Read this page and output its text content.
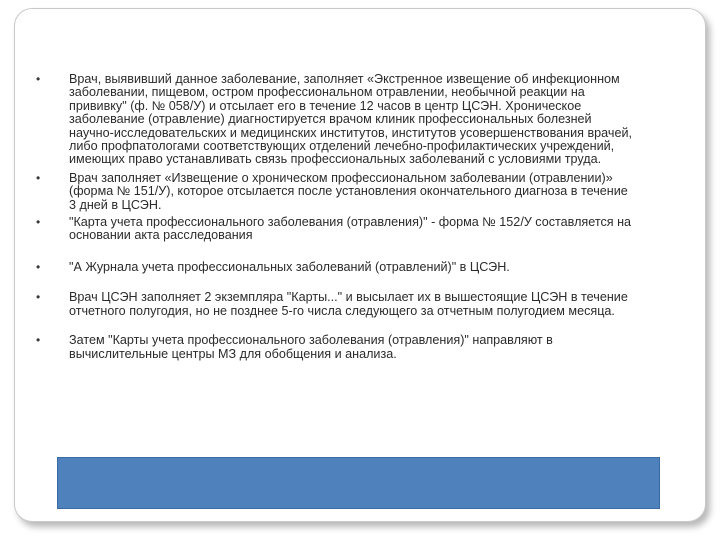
•	Врач, выявивший данное заболевание, заполняет «Экстренное извещение об инфекционном заболевании, пищевом, остром профессиональном отравлении, необычной реакции на прививку" (ф. № 058/У) и отсылает его в течение 12 часов в центр ЦСЭН. Хроническое заболевание (отравление) диагностируется врачом клиник профессиональных болезней научно-исследовательских и медицинских институтов, институтов усовершенствования врачей, либо профпатологами соответствующих отделений лечебно-профилактических учреждений, имеющих право устанавливать связь профессиональных заболеваний с условиями труда.
•	Врач заполняет «Извещение о хроническом профессиональном заболевании (отравлении)» (форма № 151/У), которое отсылается после установления окончательного диагноза в течение 3 дней в ЦСЭН.
•	"Карта учета профессионального заболевания (отравления)" - форма № 152/У составляется на основании акта расследования
•	"А Журнала учета профессиональных заболеваний (отравлений)" в ЦСЭН.
•	Врач ЦСЭН заполняет 2 экземпляра "Карты..." и высылает их в вышестоящие ЦСЭН в течение отчетного полугодия, но не позднее 5-го числа следующего за отчетным полугодием месяца.
•	Затем "Карты учета профессионального заболевания (отравления)" направляют в вычислительные центры МЗ для обобщения и анализа.
